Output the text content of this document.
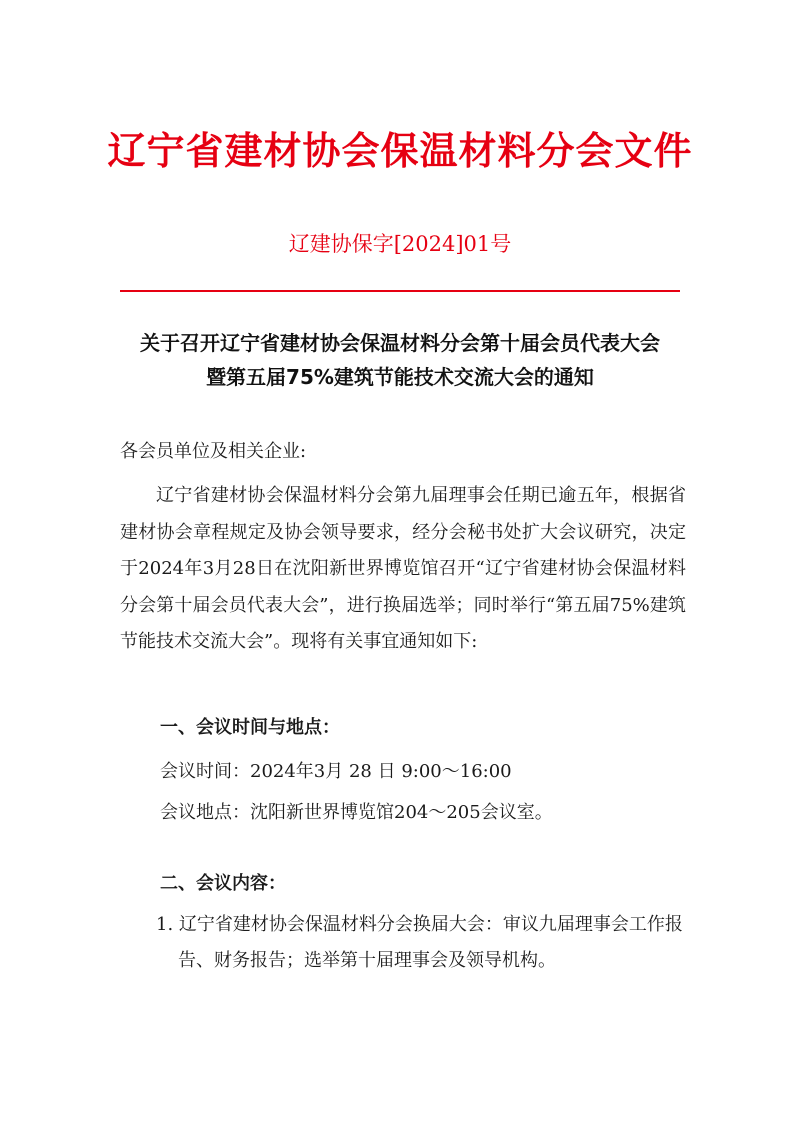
辽宁省建材协会保温材料分会文件
辽建协保字[2024]01号
关于召开辽宁省建材协会保温材料分会第十届会员代表大会
暨第五届75%建筑节能技术交流大会的通知
各会员单位及相关企业:

辽宁省建材协会保温材料分会第九届理事会任期已逾五年，根据省建材协会章程规定及协会领导要求，经分会秘书处扩大会议研究，决定于2024年3月28日在沈阳新世界博览馆召开“辽宁省建材协会保温材料分会第十届会员代表大会”，进行换届选举；同时举行“第五届75%建筑节能技术交流大会”。现将有关事宜通知如下:

一、会议时间与地点：
会议时间：2024年3月 28 日 9:00～16:00
会议地点：沈阳新世界博览馆204～205会议室。
二、会议内容：

1. 辽宁省建材协会保温材料分会换届大会：审议九届理事会工作报告、财务报告；选举第十届理事会及领导机构。
